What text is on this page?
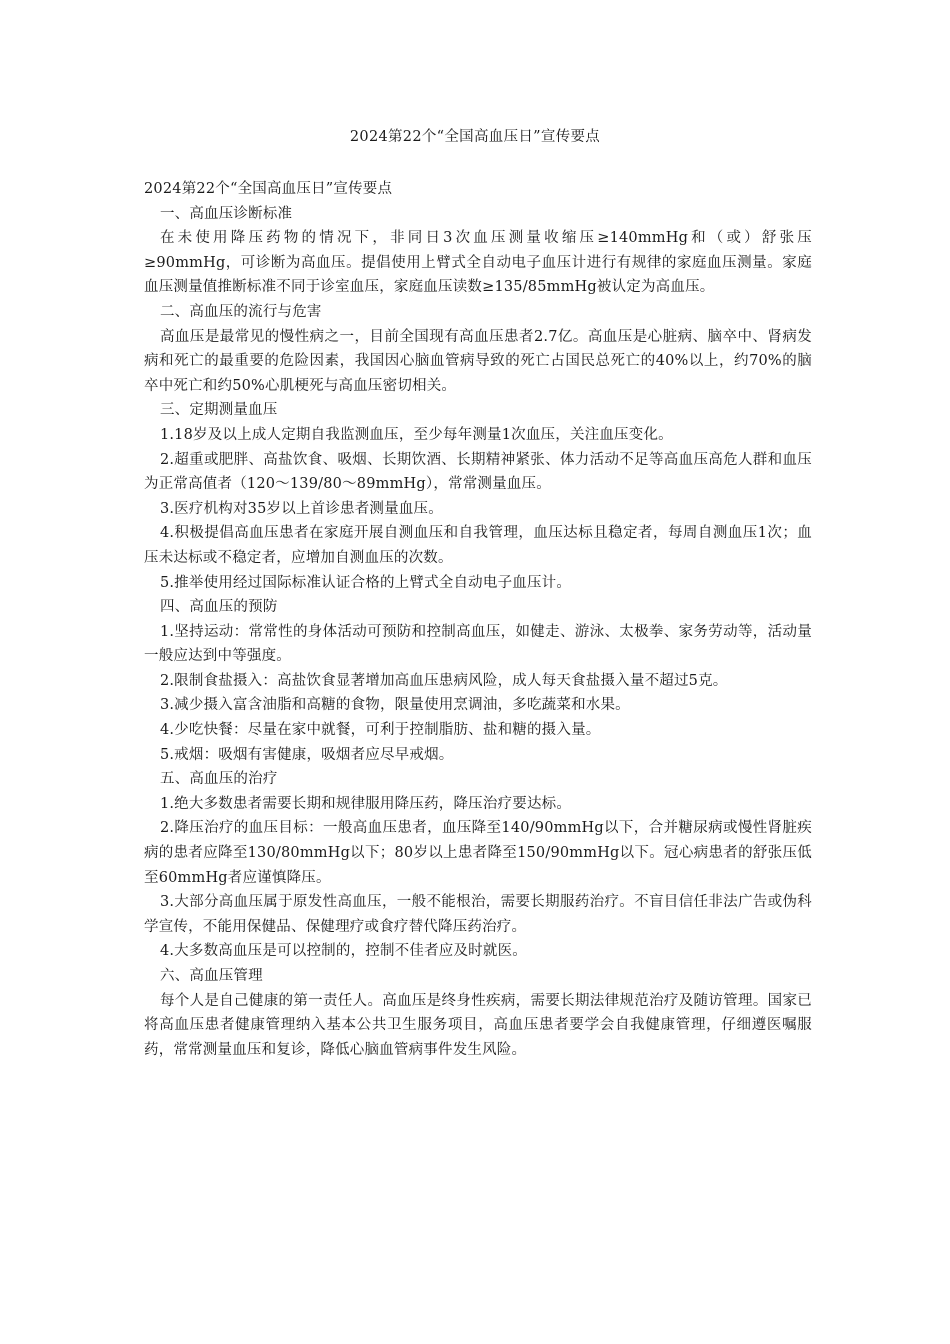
2024第22个“全国高血压日”宣传要点

2024第22个“全国高血压日”宣传要点

一、高血压诊断标准

在未使用降压药物的情况下，非同日3次血压测量收缩压≥140mmHg和（或）舒张压≥90mmHg，可诊断为高血压。提倡使用上臂式全自动电子血压计进行有规律的家庭血压测量。家庭血压测量值推断标准不同于诊室血压，家庭血压读数≥135/85mmHg被认定为高血压。

二、高血压的流行与危害

高血压是最常见的慢性病之一，目前全国现有高血压患者2.7亿。高血压是心脏病、脑卒中、肾病发病和死亡的最重要的危险因素，我国因心脑血管病导致的死亡占国民总死亡的40%以上，约70%的脑卒中死亡和约50%心肌梗死与高血压密切相关。

三、定期测量血压

1.18岁及以上成人定期自我监测血压，至少每年测量1次血压，关注血压变化。

2.超重或肥胖、高盐饮食、吸烟、长期饮酒、长期精神紧张、体力活动不足等高血压高危人群和血压为正常高值者（120～139/80～89mmHg），常常测量血压。

3.医疗机构对35岁以上首诊患者测量血压。

4.积极提倡高血压患者在家庭开展自测血压和自我管理，血压达标且稳定者，每周自测血压1次；血压未达标或不稳定者，应增加自测血压的次数。

5.推举使用经过国际标准认证合格的上臂式全自动电子血压计。

四、高血压的预防

1.坚持运动：常常性的身体活动可预防和控制高血压，如健走、游泳、太极拳、家务劳动等，活动量一般应达到中等强度。

2.限制食盐摄入：高盐饮食显著增加高血压患病风险，成人每天食盐摄入量不超过5克。

3.减少摄入富含油脂和高糖的食物，限量使用烹调油，多吃蔬菜和水果。

4.少吃快餐：尽量在家中就餐，可利于控制脂肪、盐和糖的摄入量。

5.戒烟：吸烟有害健康，吸烟者应尽早戒烟。

五、高血压的治疗

1.绝大多数患者需要长期和规律服用降压药，降压治疗要达标。

2.降压治疗的血压目标：一般高血压患者，血压降至140/90mmHg以下，合并糖尿病或慢性肾脏疾病的患者应降至130/80mmHg以下；80岁以上患者降至150/90mmHg以下。冠心病患者的舒张压低至60mmHg者应谨慎降压。

3.大部分高血压属于原发性高血压，一般不能根治，需要长期服药治疗。不盲目信任非法广告或伪科学宣传，不能用保健品、保健理疗或食疗替代降压药治疗。

4.大多数高血压是可以控制的，控制不佳者应及时就医。

六、高血压管理

每个人是自己健康的第一责任人。高血压是终身性疾病，需要长期法律规范治疗及随访管理。国家已将高血压患者健康管理纳入基本公共卫生服务项目，高血压患者要学会自我健康管理，仔细遵医嘱服药，常常测量血压和复诊，降低心脑血管病事件发生风险。
